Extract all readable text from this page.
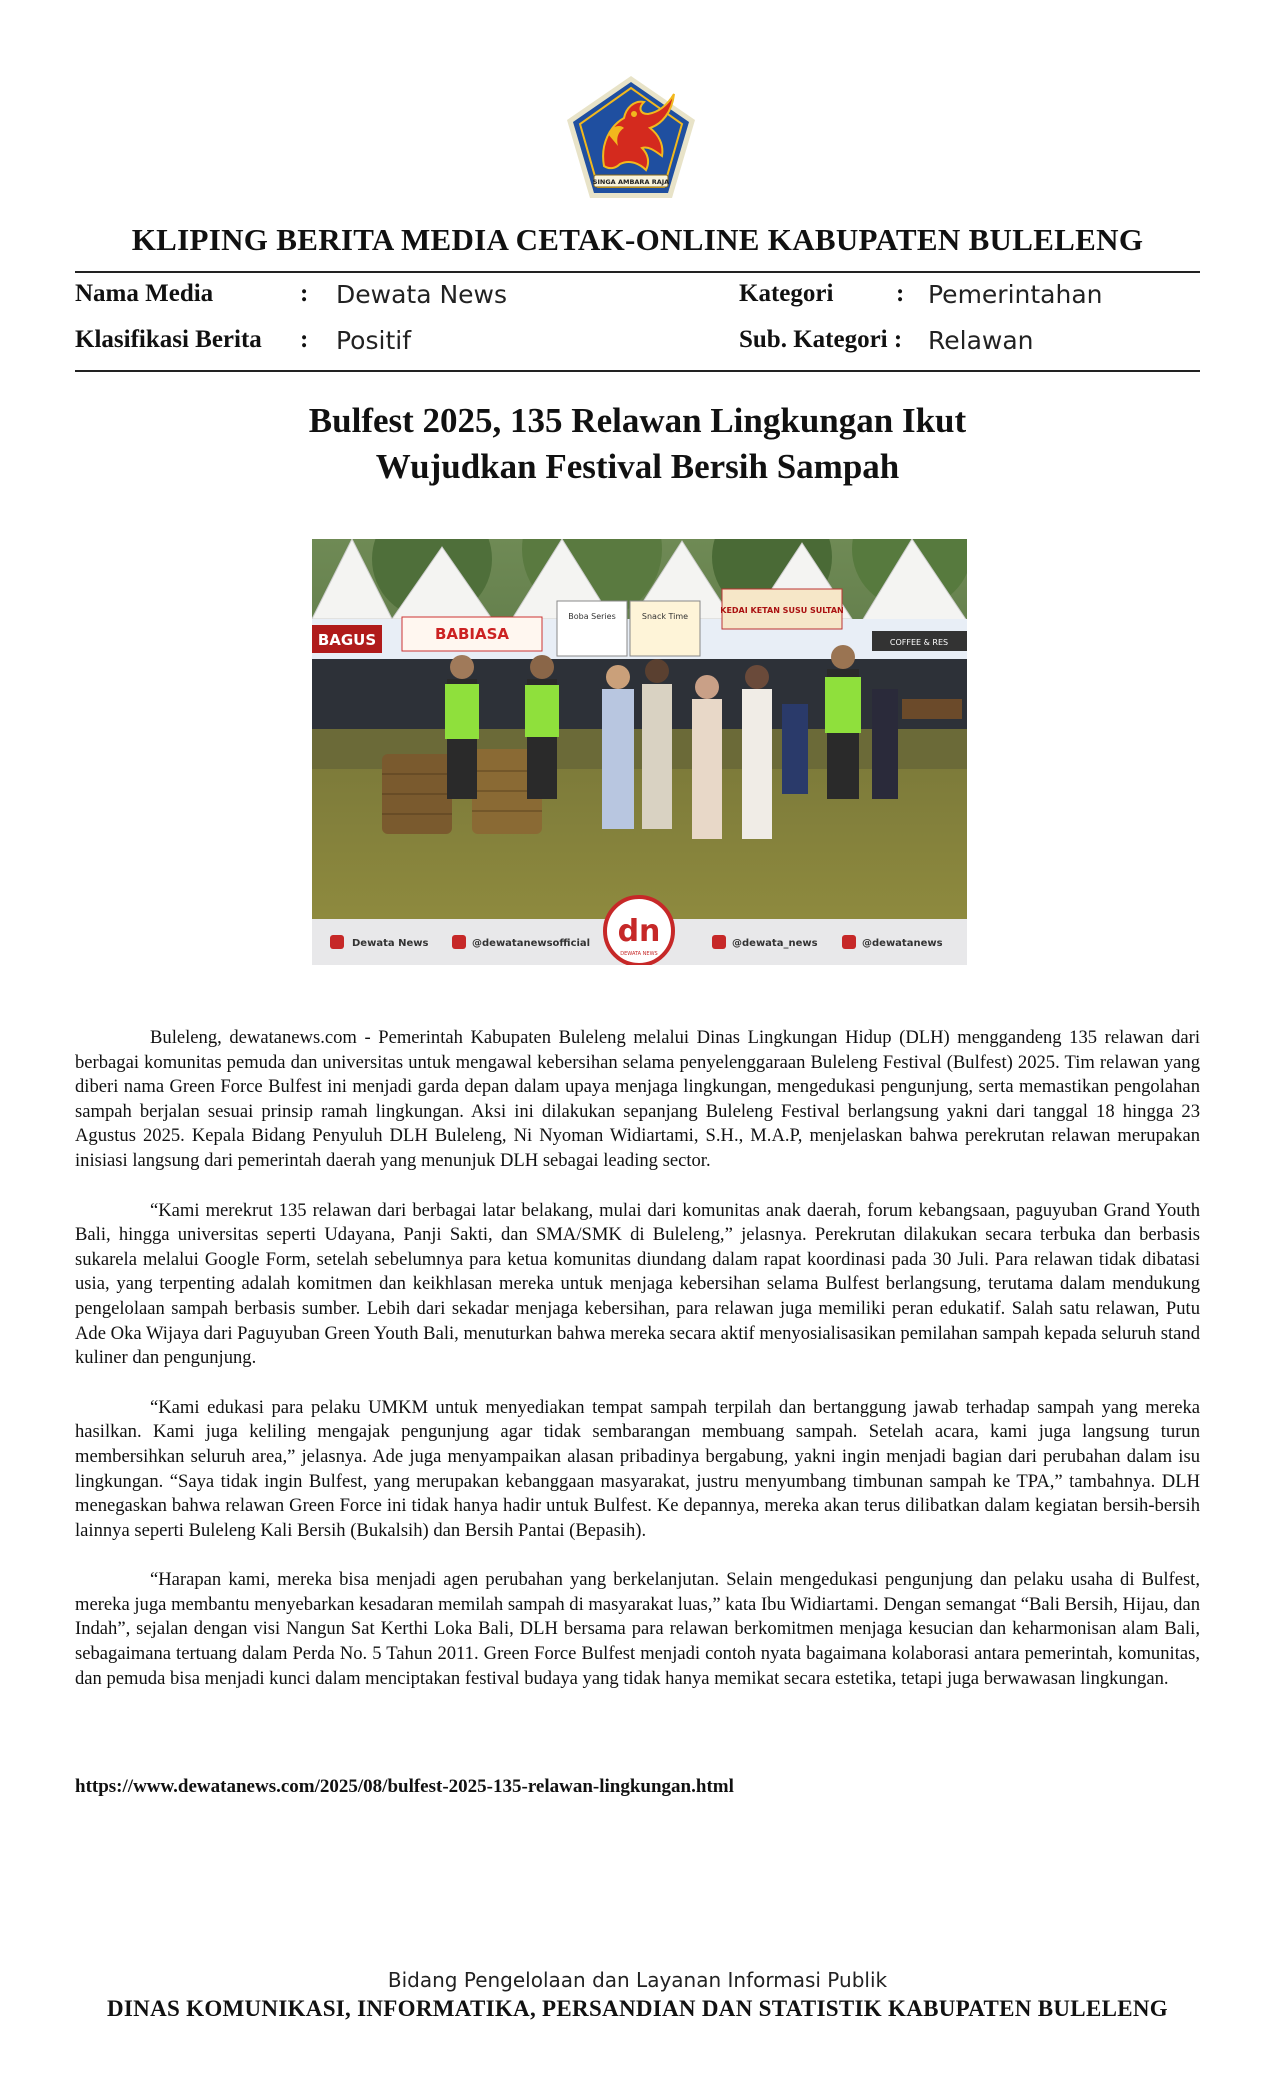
SINGA AMBARA RAJA
KLIPING BERITA MEDIA CETAK-ONLINE KABUPATEN BULELENG
Nama Media	: Dewata News	Kategori	: Pemerintahan
Klasifikasi Berita : Positif	Sub. Kategori : Relawan
Bulfest 2025, 135 Relawan Lingkungan Ikut
Wujudkan Festival Bersih Sampah
BAGUS	BABIASA
Boba Series	Snack Time
KEDAI KETAN SUSU SULTAN
COFFEE & RES
Dewata News	@dewatanewsofficial	@dewata_news	@dewatanews
dn
DEWATA NEWS

Buleleng, dewatanews.com - Pemerintah Kabupaten Buleleng melalui Dinas Lingkungan Hidup (DLH) menggandeng 135 relawan dari berbagai komunitas pemuda dan universitas untuk mengawal kebersihan selama penyelenggaraan Buleleng Festival (Bulfest) 2025. Tim relawan yang diberi nama Green Force Bulfest ini menjadi garda depan dalam upaya menjaga lingkungan, mengedukasi pengunjung, serta memastikan pengolahan sampah berjalan sesuai prinsip ramah lingkungan. Aksi ini dilakukan sepanjang Buleleng Festival berlangsung yakni dari tanggal 18 hingga 23 Agustus 2025. Kepala Bidang Penyuluh DLH Buleleng, Ni Nyoman Widiartami, S.H., M.A.P, menjelaskan bahwa perekrutan relawan merupakan inisiasi langsung dari pemerintah daerah yang menunjuk DLH sebagai leading sector.

“Kami merekrut 135 relawan dari berbagai latar belakang, mulai dari komunitas anak daerah, forum kebangsaan, paguyuban Grand Youth Bali, hingga universitas seperti Udayana, Panji Sakti, dan SMA/SMK di Buleleng,” jelasnya. Perekrutan dilakukan secara terbuka dan berbasis sukarela melalui Google Form, setelah sebelumnya para ketua komunitas diundang dalam rapat koordinasi pada 30 Juli. Para relawan tidak dibatasi usia, yang terpenting adalah komitmen dan keikhlasan mereka untuk menjaga kebersihan selama Bulfest berlangsung, terutama dalam mendukung pengelolaan sampah berbasis sumber. Lebih dari sekadar menjaga kebersihan, para relawan juga memiliki peran edukatif. Salah satu relawan, Putu Ade Oka Wijaya dari Paguyuban Green Youth Bali, menuturkan bahwa mereka secara aktif menyosialisasikan pemilahan sampah kepada seluruh stand kuliner dan pengunjung.

“Kami edukasi para pelaku UMKM untuk menyediakan tempat sampah terpilah dan bertanggung jawab terhadap sampah yang mereka hasilkan. Kami juga keliling mengajak pengunjung agar tidak sembarangan membuang sampah. Setelah acara, kami juga langsung turun membersihkan seluruh area,” jelasnya. Ade juga menyampaikan alasan pribadinya bergabung, yakni ingin menjadi bagian dari perubahan dalam isu lingkungan. “Saya tidak ingin Bulfest, yang merupakan kebanggaan masyarakat, justru menyumbang timbunan sampah ke TPA,” tambahnya. DLH menegaskan bahwa relawan Green Force ini tidak hanya hadir untuk Bulfest. Ke depannya, mereka akan terus dilibatkan dalam kegiatan bersih-bersih lainnya seperti Buleleng Kali Bersih (Bukalsih) dan Bersih Pantai (Bepasih).

“Harapan kami, mereka bisa menjadi agen perubahan yang berkelanjutan. Selain mengedukasi pengunjung dan pelaku usaha di Bulfest, mereka juga membantu menyebarkan kesadaran memilah sampah di masyarakat luas,” kata Ibu Widiartami. Dengan semangat “Bali Bersih, Hijau, dan Indah”, sejalan dengan visi Nangun Sat Kerthi Loka Bali, DLH bersama para relawan berkomitmen menjaga kesucian dan keharmonisan alam Bali, sebagaimana tertuang dalam Perda No. 5 Tahun 2011. Green Force Bulfest menjadi contoh nyata bagaimana kolaborasi antara pemerintah, komunitas, dan pemuda bisa menjadi kunci dalam menciptakan festival budaya yang tidak hanya memikat secara estetika, tetapi juga berwawasan lingkungan.

https://www.dewatanews.com/2025/08/bulfest-2025-135-relawan-lingkungan.html
Bidang Pengelolaan dan Layanan Informasi Publik
DINAS KOMUNIKASI, INFORMATIKA, PERSANDIAN DAN STATISTIK KABUPATEN BULELENG
